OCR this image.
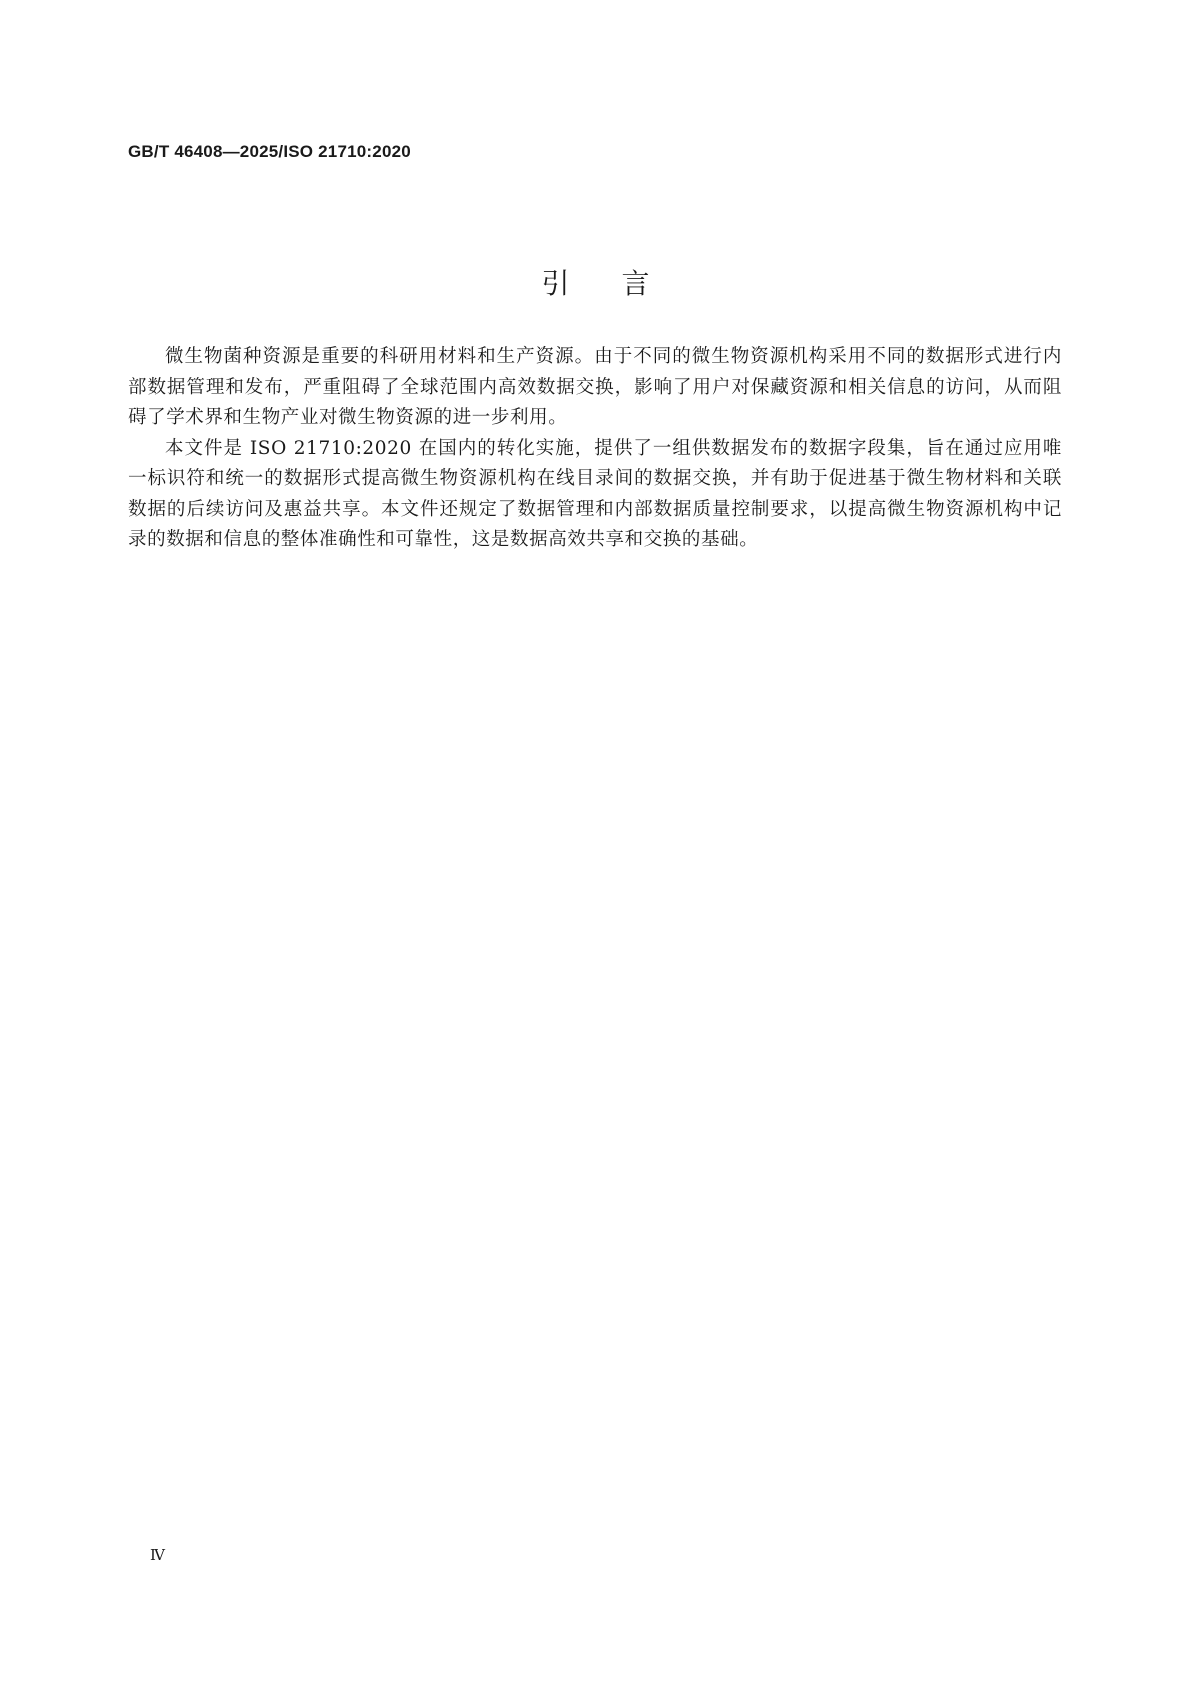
GB/T 46408—2025/ISO 21710:2020
引言

微生物菌种资源是重要的科研用材料和生产资源。由于不同的微生物资源机构采用不同的数据形式进行内部数据管理和发布，严重阻碍了全球范围内高效数据交换，影响了用户对保藏资源和相关信息的访问，从而阻碍了学术界和生物产业对微生物资源的进一步利用。

本文件是 ISO 21710:2020 在国内的转化实施，提供了一组供数据发布的数据字段集，旨在通过应用唯一标识符和统一的数据形式提高微生物资源机构在线目录间的数据交换，并有助于促进基于微生物材料和关联数据的后续访问及惠益共享。本文件还规定了数据管理和内部数据质量控制要求，以提高微生物资源机构中记录的数据和信息的整体准确性和可靠性，这是数据高效共享和交换的基础。

Ⅳ
